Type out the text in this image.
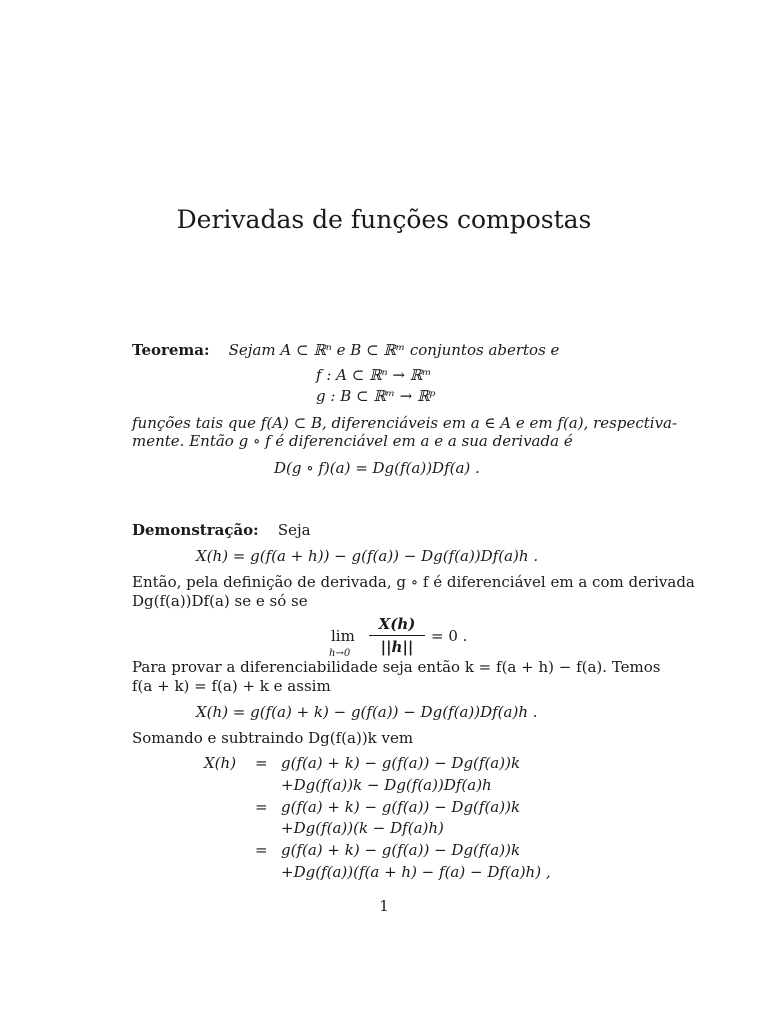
Derivadas de funções compostas
Teorema: Sejam A ⊂ ℝⁿ e B ⊂ ℝᵐ conjuntos abertos e
f : A ⊂ ℝⁿ → ℝᵐ
g : B ⊂ ℝᵐ → ℝᵖ
funções tais que f(A) ⊂ B, diferenciáveis em a ∈ A e em f(a), respectiva-
mente. Então g ∘ f é diferenciável em a e a sua derivada é
D(g ∘ f)(a) = Dg(f(a))Df(a) .
Demonstração: Seja
X(h) = g(f(a + h)) − g(f(a)) − Dg(f(a))Df(a)h .
Então, pela definição de derivada, g ∘ f é diferenciável em a com derivada
Dg(f(a))Df(a) se e só se
lim
h→0
X(h)
||h||
= 0 .
Para provar a diferenciabilidade seja então k = f(a + h) − f(a). Temos
f(a + k) = f(a) + k e assim
X(h) = g(f(a) + k) − g(f(a)) − Dg(f(a))Df(a)h .
Somando e subtraindo Dg(f(a))k vem
X(h) = g(f(a) + k) − g(f(a)) − Dg(f(a))k
+Dg(f(a))k − Dg(f(a))Df(a)h
= g(f(a) + k) − g(f(a)) − Dg(f(a))k
+Dg(f(a))(k − Df(a)h)
= g(f(a) + k) − g(f(a)) − Dg(f(a))k
+Dg(f(a))(f(a + h) − f(a) − Df(a)h) ,
1
